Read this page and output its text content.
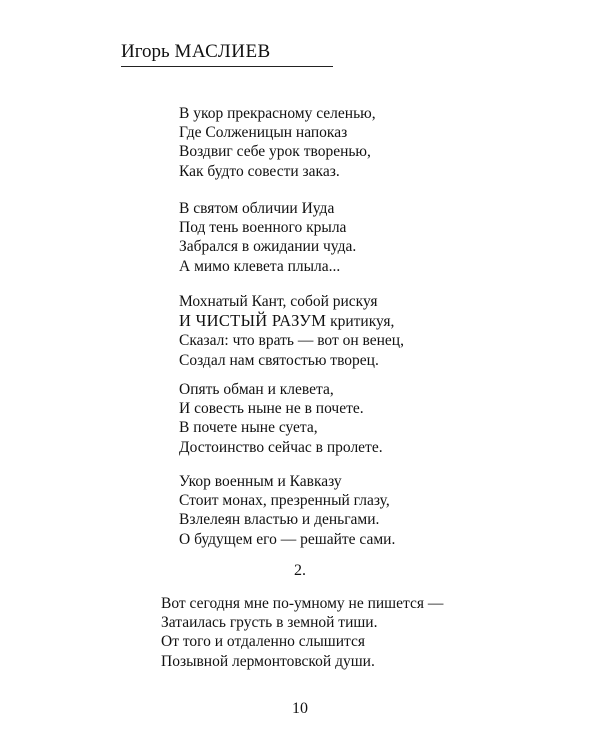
Игорь МАСЛИЕВ
В укор прекрасному селенью,
Где Солженицын напоказ
Воздвиг себе урок творенью,
Как будто совести заказ.
В святом обличии Иуда
Под тень военного крыла
Забрался в ожидании чуда.
А мимо клевета плыла...
Мохнатый Кант, собой рискуя
И ЧИСТЫЙ РАЗУМ критикуя,
Сказал: что врать — вот он венец,
Создал нам святостью творец.
Опять обман и клевета,
И совесть ныне не в почете.
В почете ныне суета,
Достоинство сейчас в пролете.
Укор военным и Кавказу
Стоит монах, презренный глазу,
Взлелеян властью и деньгами.
О будущем его — решайте сами.
2.
Вот сегодня мне по-умному не пишется —
Затаилась грусть в земной тиши.
От того и отдаленно слышится
Позывной лермонтовской души.
10
